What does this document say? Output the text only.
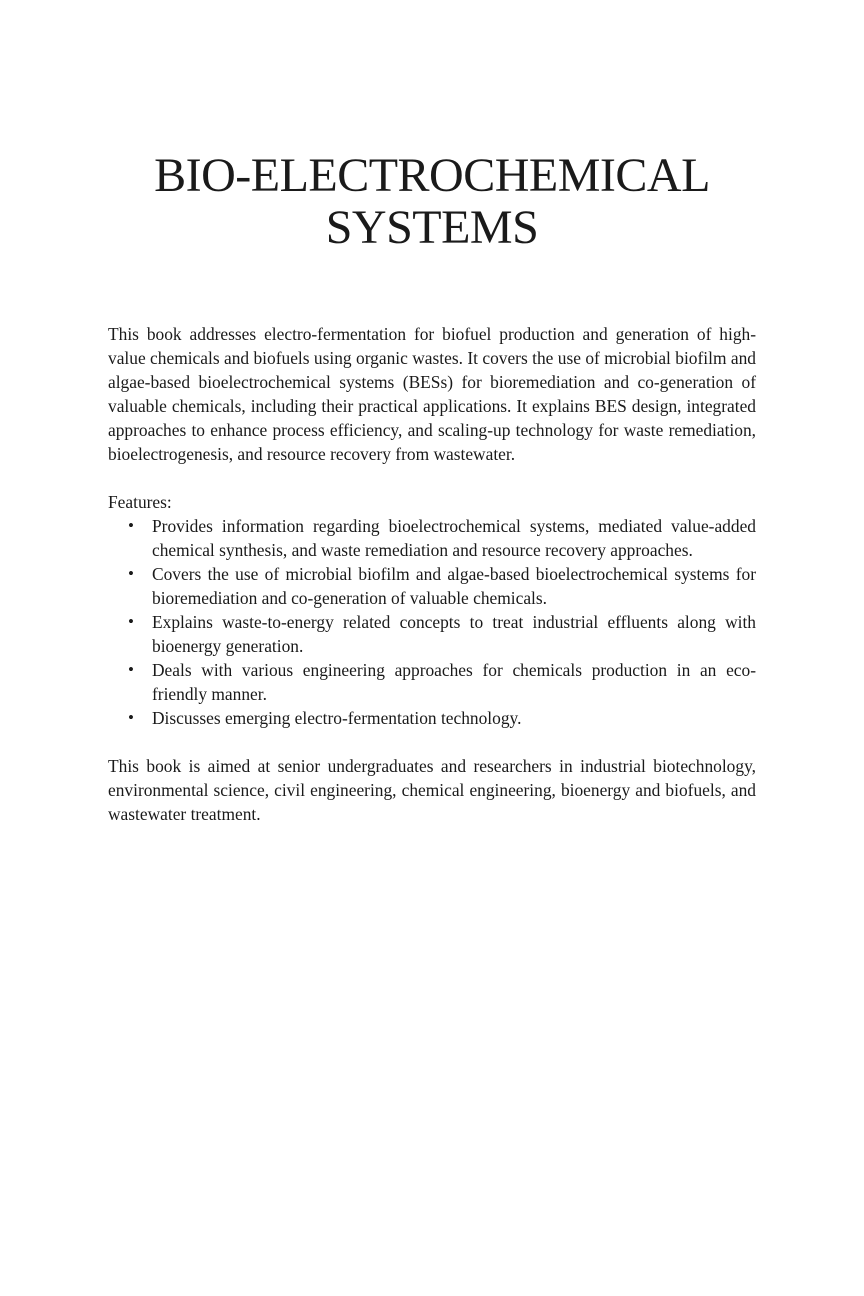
BIO-ELECTROCHEMICAL
SYSTEMS

This book addresses electro-fermentation for biofuel production and generation of high-value chemicals and biofuels using organic wastes. It covers the use of microbial biofilm and algae-based bioelectrochemical systems (BESs) for bioremediation and co-generation of valuable chemicals, including their practical applications. It explains BES design, integrated approaches to enhance process efficiency, and scaling-up technology for waste remediation, bioelectrogenesis, and resource recovery from wastewater.

Features:

• Provides information regarding bioelectrochemical systems, mediated value-added chemical synthesis, and waste remediation and resource recovery approaches.
• Covers the use of microbial biofilm and algae-based bioelectrochemical systems for bioremediation and co-generation of valuable chemicals.
• Explains waste-to-energy related concepts to treat industrial effluents along with bioenergy generation.
• Deals with various engineering approaches for chemicals production in an eco-friendly manner.
• Discusses emerging electro-fermentation technology.

This book is aimed at senior undergraduates and researchers in industrial biotechnology, environmental science, civil engineering, chemical engineering, bioenergy and biofuels, and wastewater treatment.
